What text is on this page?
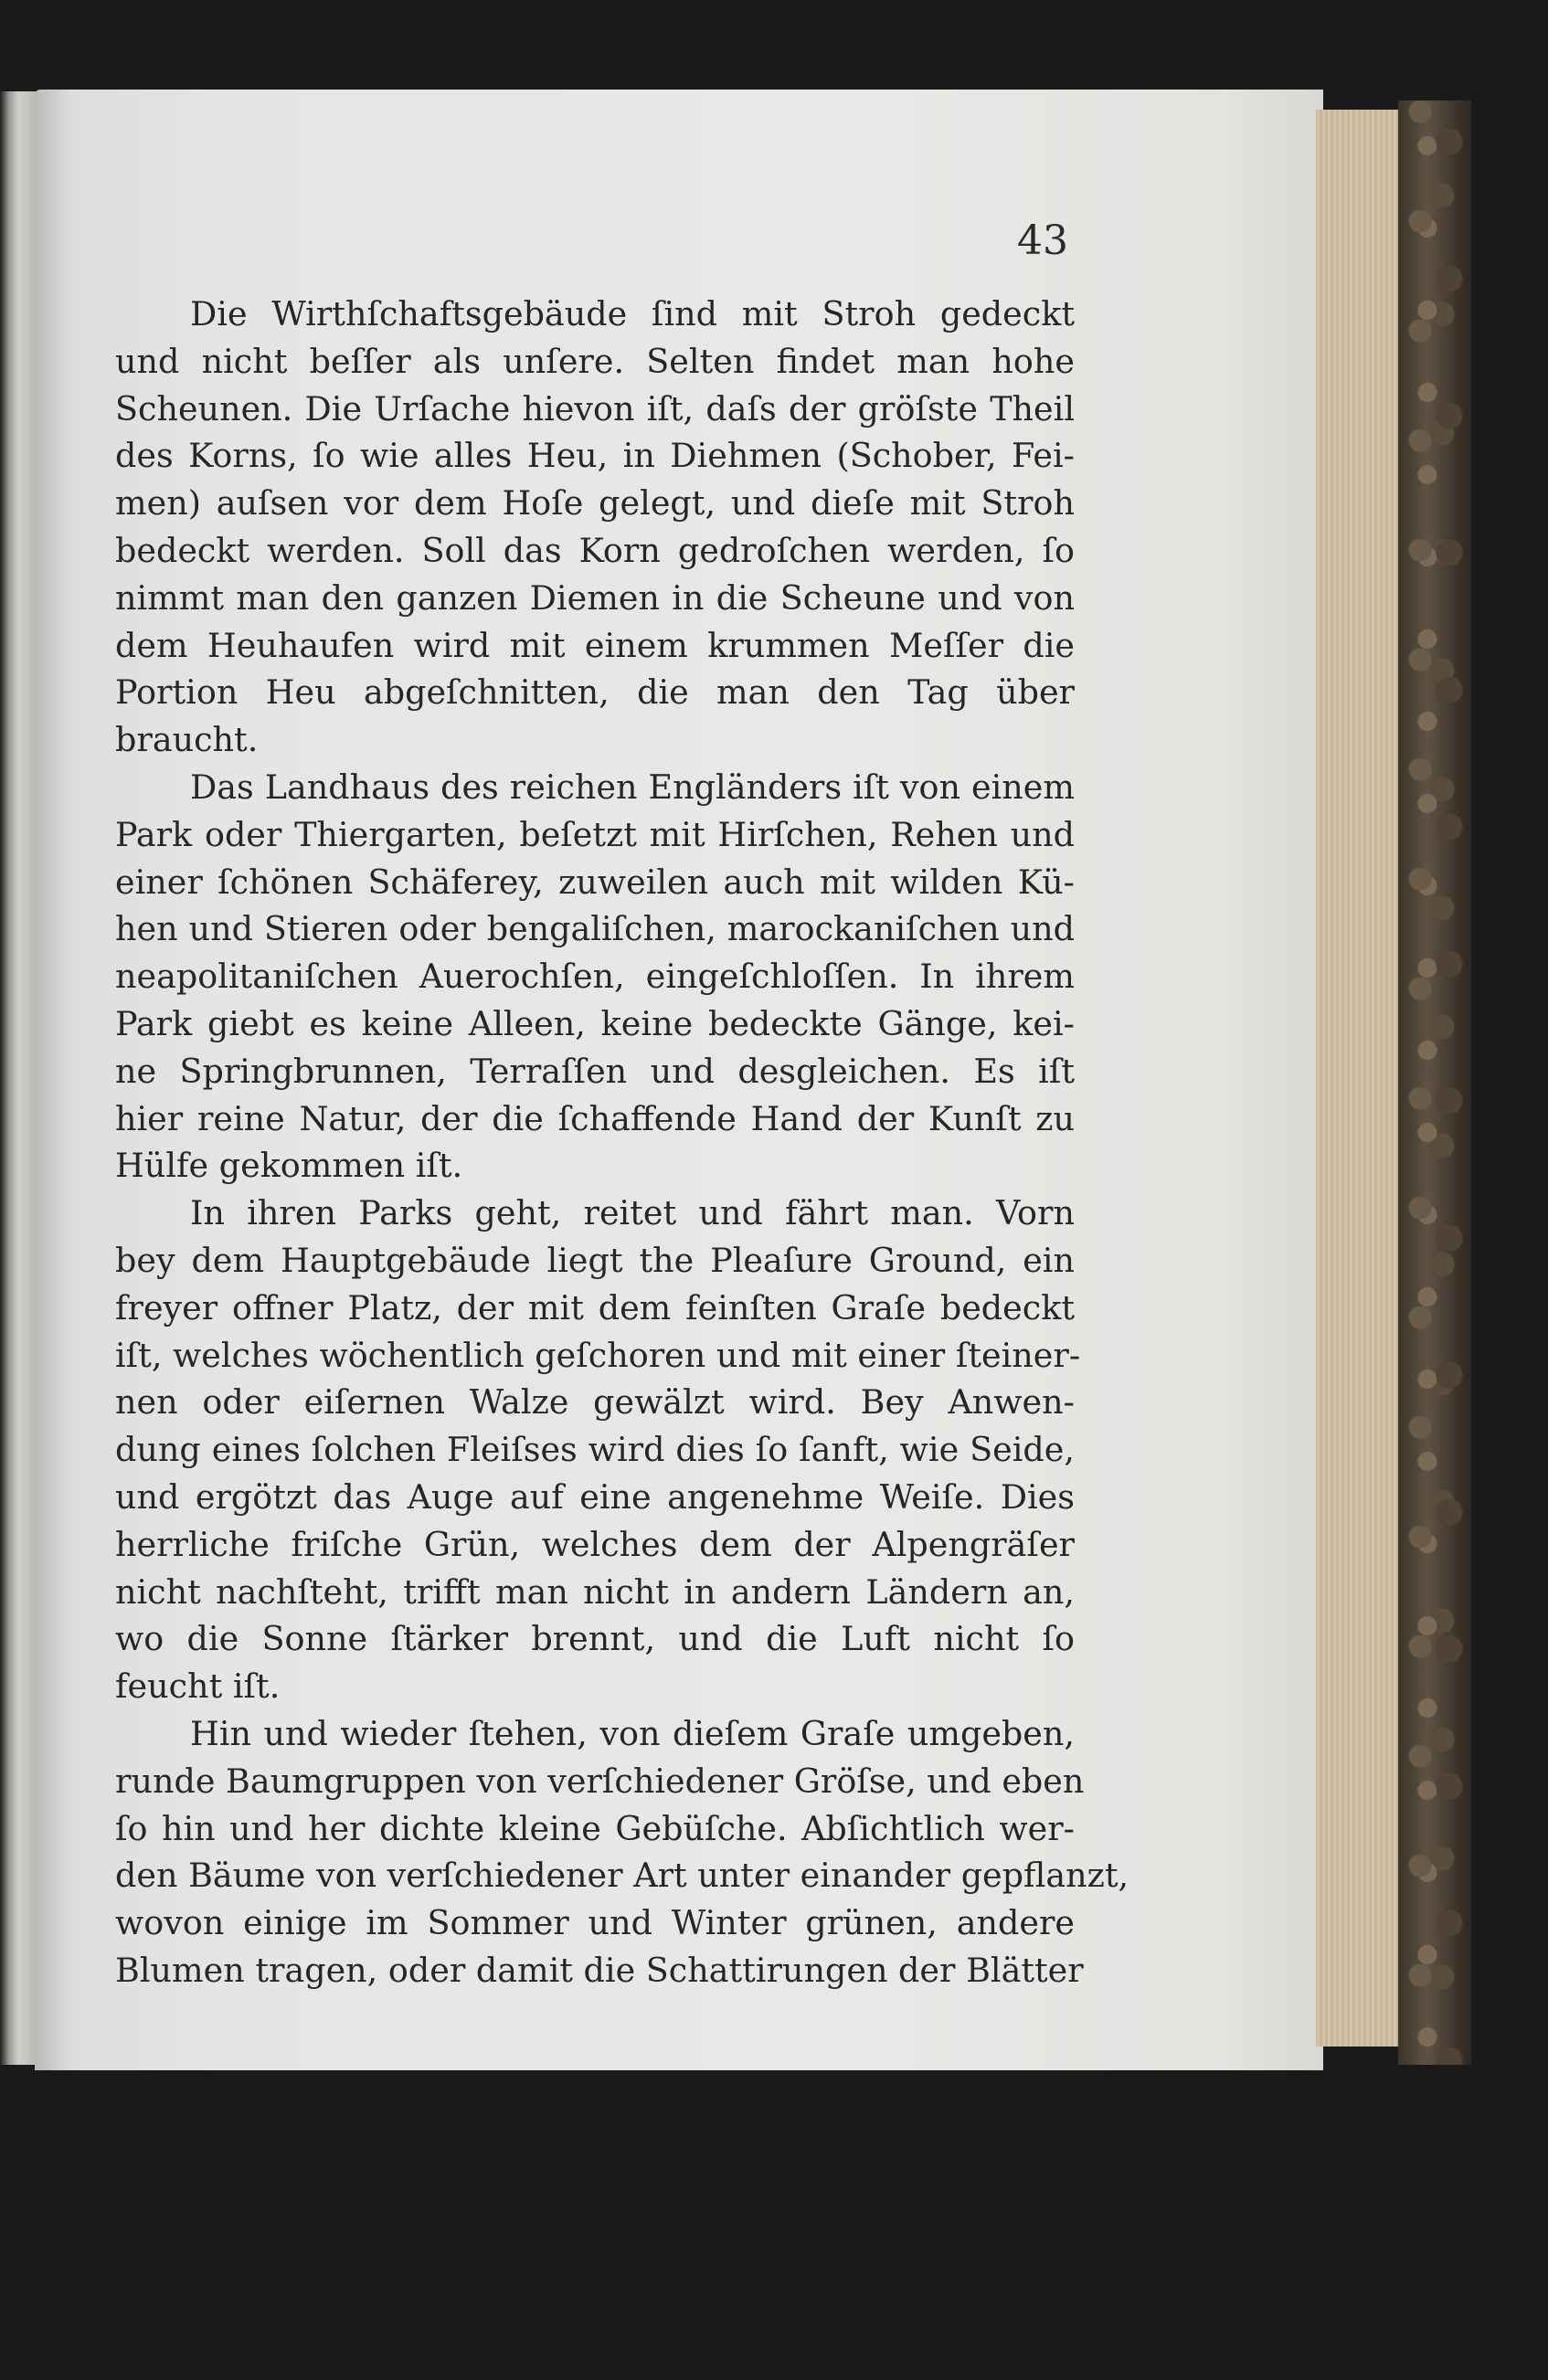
43
Die Wirthſchaftsgebäude ſind mit Stroh gedeckt
und nicht beſſer als unſere. Selten findet man hohe
Scheunen. Die Urſache hievon iſt, daſs der gröſste Theil
des Korns, ſo wie alles Heu, in Diehmen (Schober, Fei-
men) auſsen vor dem Hoſe gelegt, und dieſe mit Stroh
bedeckt werden. Soll das Korn gedroſchen werden, ſo
nimmt man den ganzen Diemen in die Scheune und von
dem Heuhaufen wird mit einem krummen Meſſer die
Portion Heu abgeſchnitten, die man den Tag über
braucht.
Das Landhaus des reichen Engländers iſt von einem
Park oder Thiergarten, beſetzt mit Hirſchen, Rehen und
einer ſchönen Schäferey, zuweilen auch mit wilden Kü-
hen und Stieren oder bengaliſchen, marockaniſchen und
neapolitaniſchen Auerochſen, eingeſchloſſen. In ihrem
Park giebt es keine Alleen, keine bedeckte Gänge, kei-
ne Springbrunnen, Terraſſen und desgleichen. Es iſt
hier reine Natur, der die ſchaffende Hand der Kunſt zu
Hülfe gekommen iſt.
In ihren Parks geht, reitet und fährt man. Vorn
bey dem Hauptgebäude liegt the Pleaſure Ground, ein
freyer offner Platz, der mit dem feinſten Graſe bedeckt
iſt, welches wöchentlich geſchoren und mit einer ſteiner-
nen oder eiſernen Walze gewälzt wird. Bey Anwen-
dung eines ſolchen Fleiſses wird dies ſo ſanft, wie Seide,
und ergötzt das Auge auf eine angenehme Weiſe. Dies
herrliche friſche Grün, welches dem der Alpengräſer
nicht nachſteht, trifft man nicht in andern Ländern an,
wo die Sonne ſtärker brennt, und die Luft nicht ſo
feucht iſt.
Hin und wieder ſtehen, von dieſem Graſe umgeben,
runde Baumgruppen von verſchiedener Gröſse, und eben
ſo hin und her dichte kleine Gebüſche. Abſichtlich wer-
den Bäume von verſchiedener Art unter einander gepflanzt,
wovon einige im Sommer und Winter grünen, andere
Blumen tragen, oder damit die Schattirungen der Blätter
